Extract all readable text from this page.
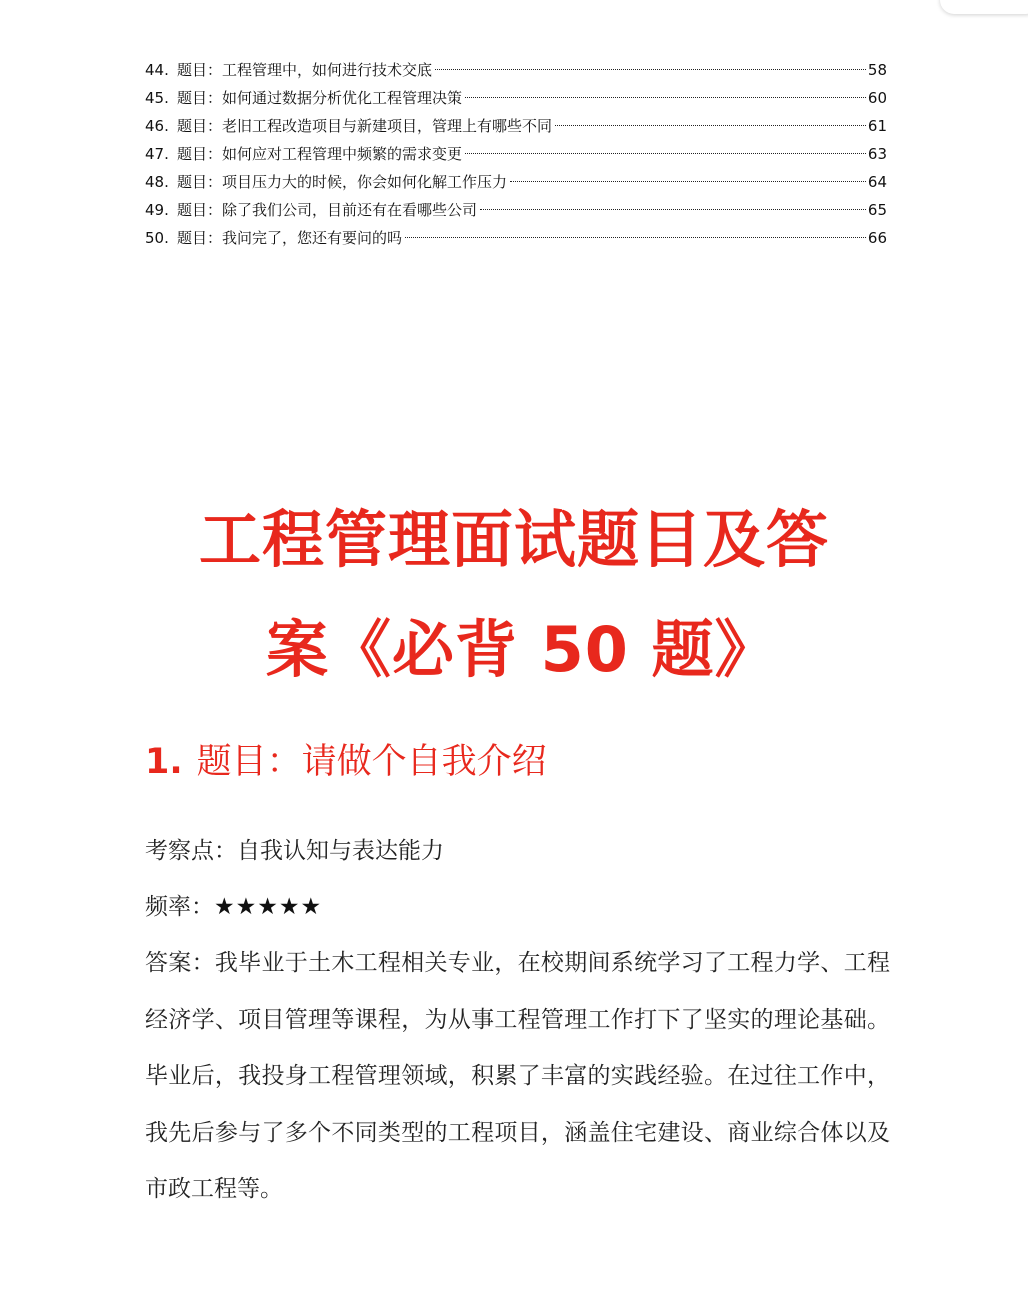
44. 题目：工程管理中，如何进行技术交底	58
45. 题目：如何通过数据分析优化工程管理决策	60
46. 题目：老旧工程改造项目与新建项目，管理上有哪些不同	61
47. 题目：如何应对工程管理中频繁的需求变更	63
48. 题目：项目压力大的时候，你会如何化解工作压力	64
49. 题目：除了我们公司，目前还有在看哪些公司	65
50. 题目：我问完了，您还有要问的吗	66
工程管理面试题目及答
案《必背 50 题》
1. 题目：请做个自我介绍
考察点：自我认知与表达能力
频率：★★★★★
答案：我毕业于土木工程相关专业，在校期间系统学习了工程力学、工程经济学、项目管理等课程，为从事工程管理工作打下了坚实的理论基础。毕业后，我投身工程管理领域，积累了丰富的实践经验。在过往工作中，我先后参与了多个不同类型的工程项目，涵盖住宅建设、商业综合体以及市政工程等。
